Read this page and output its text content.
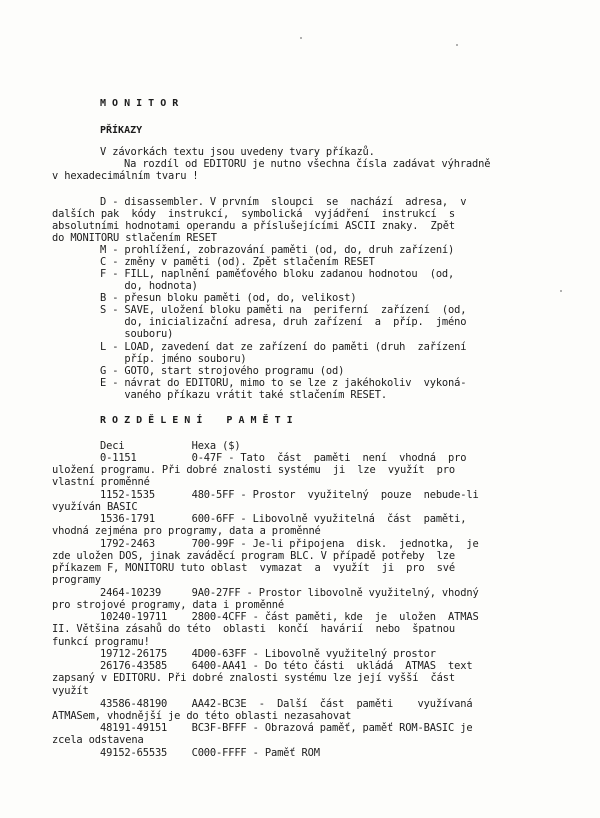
M O N I T O R
PŘÍKAZY
V závorkách textu jsou uvedeny tvary příkazů.
Na rozdíl od EDITORU je nutno všechna čísla zadávat výhradně
v hexadecimálním tvaru !
D - disassembler. V prvním  sloupci  se  nachází  adresa,  v
dalších pak  kódy  instrukcí,  symbolická  vyjádření  instrukcí  s
absolutními hodnotami operandu a příslušejícími ASCII znaky.  Zpět
do MONITORU stlačením RESET
M - prohlížení, zobrazování paměti (od, do, druh zařízení)
C - změny v paměti (od). Zpět stlačením RESET
F - FILL, naplnění paměťového bloku zadanou hodnotou  (od,
do, hodnota)
B - přesun bloku paměti (od, do, velikost)
S - SAVE, uložení bloku paměti na  periferní  zařízení  (od,
do, inicializační adresa, druh zařízení  a  příp.  jméno
souboru)
L - LOAD, zavedení dat ze zařízení do paměti (druh  zařízení
příp. jméno souboru)
G - GOTO, start strojového programu (od)
E - návrat do EDITORU, mimo to se lze z jakéhokoliv  vykoná-
vaného příkazu vrátit také stlačením RESET.
R O Z D Ě L E N Í    P A M Ě T I
Deci           Hexa ($)
0-1151         0-47F - Tato  část  paměti  není  vhodná  pro
uložení programu. Při dobré znalosti systému  ji  lze  využít  pro
vlastní proměnné
1152-1535      480-5FF - Prostor  využitelný  pouze  nebude-li
využíván BASIC
1536-1791      600-6FF - Libovolně využitelná  část  paměti,
vhodná zejména pro programy, data a proměnné
1792-2463      700-99F - Je-li připojena  disk.  jednotka,  je
zde uložen DOS, jinak zaváděcí program BLC. V případě potřeby  lze
příkazem F, MONITORU tuto oblast  vymazat  a  využít  ji  pro  své
programy
2464-10239     9A0-27FF - Prostor libovolně využitelný, vhodný
pro strojové programy, data i proměnné
10240-19711    2800-4CFF - část paměti, kde  je  uložen  ATMAS
II. Většina zásahů do této  oblasti  končí  havárií  nebo  špatnou
funkcí programu!
19712-26175    4D00-63FF - Libovolně využitelný prostor
26176-43585    6400-AA41 - Do této části  ukládá  ATMAS  text
zapsaný v EDITORU. Při dobré znalosti systému lze její vyšší  část
využít
43586-48190    AA42-BC3E  -  Další  část  paměti    využívaná
ATMASem, vhodnější je do této oblasti nezasahovat
48191-49151    BC3F-BFFF - Obrazová paměť, paměť ROM-BASIC je
zcela odstavena
49152-65535    C000-FFFF - Paměť ROM
